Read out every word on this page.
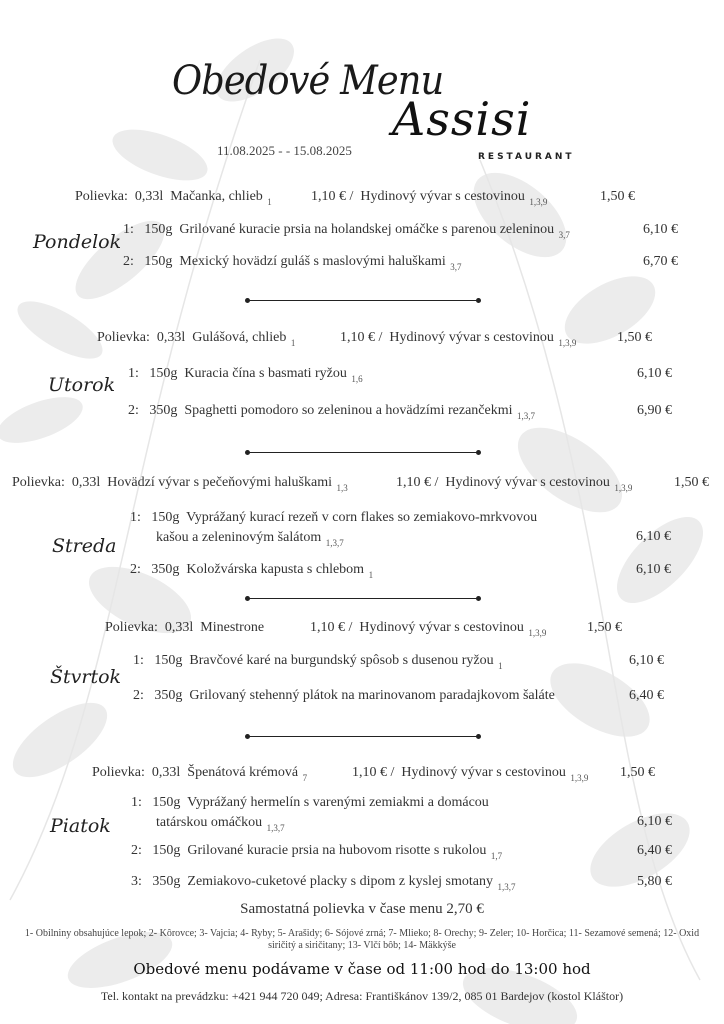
Obedové Menu
Assisi
RESTAURANT
11.08.2025 - - 15.08.2025
Polievka: 0,33l Mačanka, chlieb $_1$	1,10 € / Hydinový vývar s cestovinou $_{1,3,9}$	1,50 €
Pondelok
1: 150g Grilované kuracie prsia na holandskej omáčke s parenou zeleninou $_{3,7}$	6,10 €
2: 150g Mexický hovädzí guláš s maslovými haluškami $_{3,7}$	6,70 €
Polievka: 0,33l Gulášová, chlieb $_1$	1,10 € / Hydinový vývar s cestovinou $_{1,3,9}$	1,50 €
Utorok
1: 150g Kuracia čína s basmati ryžou $_{1,6}$	6,10 €
2: 350g Spaghetti pomodoro so zeleninou a hovädzími rezančekmi $_{1,3,7}$	6,90 €
Polievka: 0,33l Hovädzí vývar s pečeňovými haluškami $_{1,3}$	1,10 € / Hydinový vývar s cestovinou $_{1,3,9}$	1,50 €
Streda
1: 150g Vyprážaný kurací rezeň v corn flakes so zemiakovo-mrkvovou
kašou a zeleninovým šalátom $_{1,3,7}$	6,10 €
2: 350g Koložvárska kapusta s chlebom $_1$	6,10 €
Polievka: 0,33l Minestrone	1,10 € / Hydinový vývar s cestovinou $_{1,3,9}$	1,50 €
Štvrtok
1: 150g Bravčové karé na burgundský spôsob s dusenou ryžou $_1$	6,10 €
2: 350g Grilovaný stehenný plátok na marinovanom paradajkovom šaláte	6,40 €
Polievka: 0,33l Špenátová krémová $_7$	1,10 € / Hydinový vývar s cestovinou $_{1,3,9}$ 1,50 €
Piatok
1: 150g Vyprážaný hermelín s varenými zemiakmi a domácou
tatárskou omáčkou $_{1,3,7}$	6,10 €
2: 150g Grilované kuracie prsia na hubovom risotte s rukolou $_{1,7}$	6,40 €
3: 350g Zemiakovo-cuketové placky s dipom z kyslej smotany $_{1,3,7}$	5,80 €
Samostatná polievka v čase menu 2,70 €
1- Obilniny obsahujúce lepok; 2- Kôrovce; 3- Vajcia; 4- Ryby; 5- Arašidy; 6- Sójové zrná; 7- Mlieko; 8- Orechy; 9- Zeler; 10- Horčica; 11- Sezamové semená; 12- Oxid siričitý a siričitany; 13- Vlčí bôb; 14- Mäkkýše
Obedové menu podávame v čase od 11:00 hod do 13:00 hod
Tel. kontakt na prevádzku: +421 944 720 049; Adresa: Františkánov 139/2, 085 01 Bardejov (kostol Kláštor)
